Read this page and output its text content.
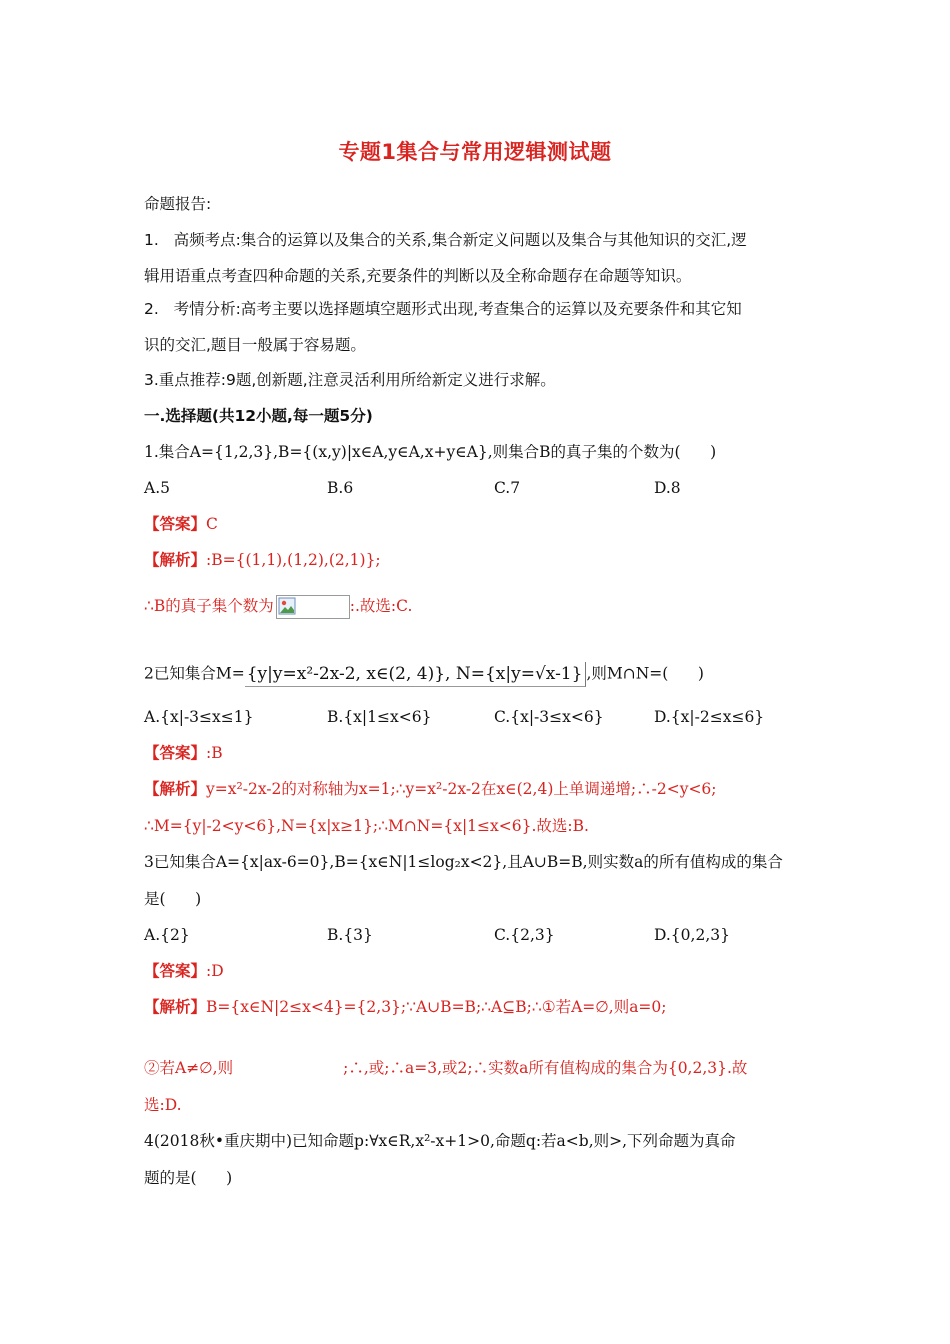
专题1集合与常用逻辑测试题
命题报告:
1.   高频考点:集合的运算以及集合的关系,集合新定义问题以及集合与其他知识的交汇,逻
辑用语重点考查四种命题的关系,充要条件的判断以及全称命题存在命题等知识。
2.   考情分析:高考主要以选择题填空题形式出现,考查集合的运算以及充要条件和其它知
识的交汇,题目一般属于容易题。
3.重点推荐:9题,创新题,注意灵活利用所给新定义进行求解。
一.选择题(共12小题,每一题5分)
1.集合A={1,2,3},B={(x,y)|x∈A,y∈A,x+y∈A},则集合B的真子集的个数为(      )
A.5	B.6	C.7	D.8
【答案】C
【解析】:B={(1,1),(1,2),(2,1)};
∴B的真子集个数为	:.故选:C.
2已知集合M= {y|y=x²-2x-2, x∈(2, 4)}, N={x|y=√x-1} ,则M∩N=(      )
A.{x|-3≤x≤1}	B.{x|1≤x<6}	C.{x|-3≤x<6}	D.{x|-2≤x≤6}
【答案】:B
【解析】y=x²-2x-2的对称轴为x=1;∴y=x²-2x-2在x∈(2,4)上单调递增;∴-2<y<6;
∴M={y|-2<y<6},N={x|x≥1};∴M∩N={x|1≤x<6}.故选:B.
3已知集合A={x|ax-6=0},B={x∈N|1≤log₂x<2},且A∪B=B,则实数a的所有值构成的集合
是(      )
A.{2}	B.{3}	C.{2,3}	D.{0,2,3}
【答案】:D
【解析】B={x∈N|2≤x<4}={2,3};∵A∪B=B;∴A⊆B;∴①若A=∅,则a=0;
②若A≠∅,则	;∴,或;∴a=3,或2;∴实数a所有值构成的集合为{0,2,3}.故
选:D.
4(2018秋•重庆期中)已知命题p:∀x∈R,x²-x+1>0,命题q:若a<b,则>,下列命题为真命
题的是(      )
